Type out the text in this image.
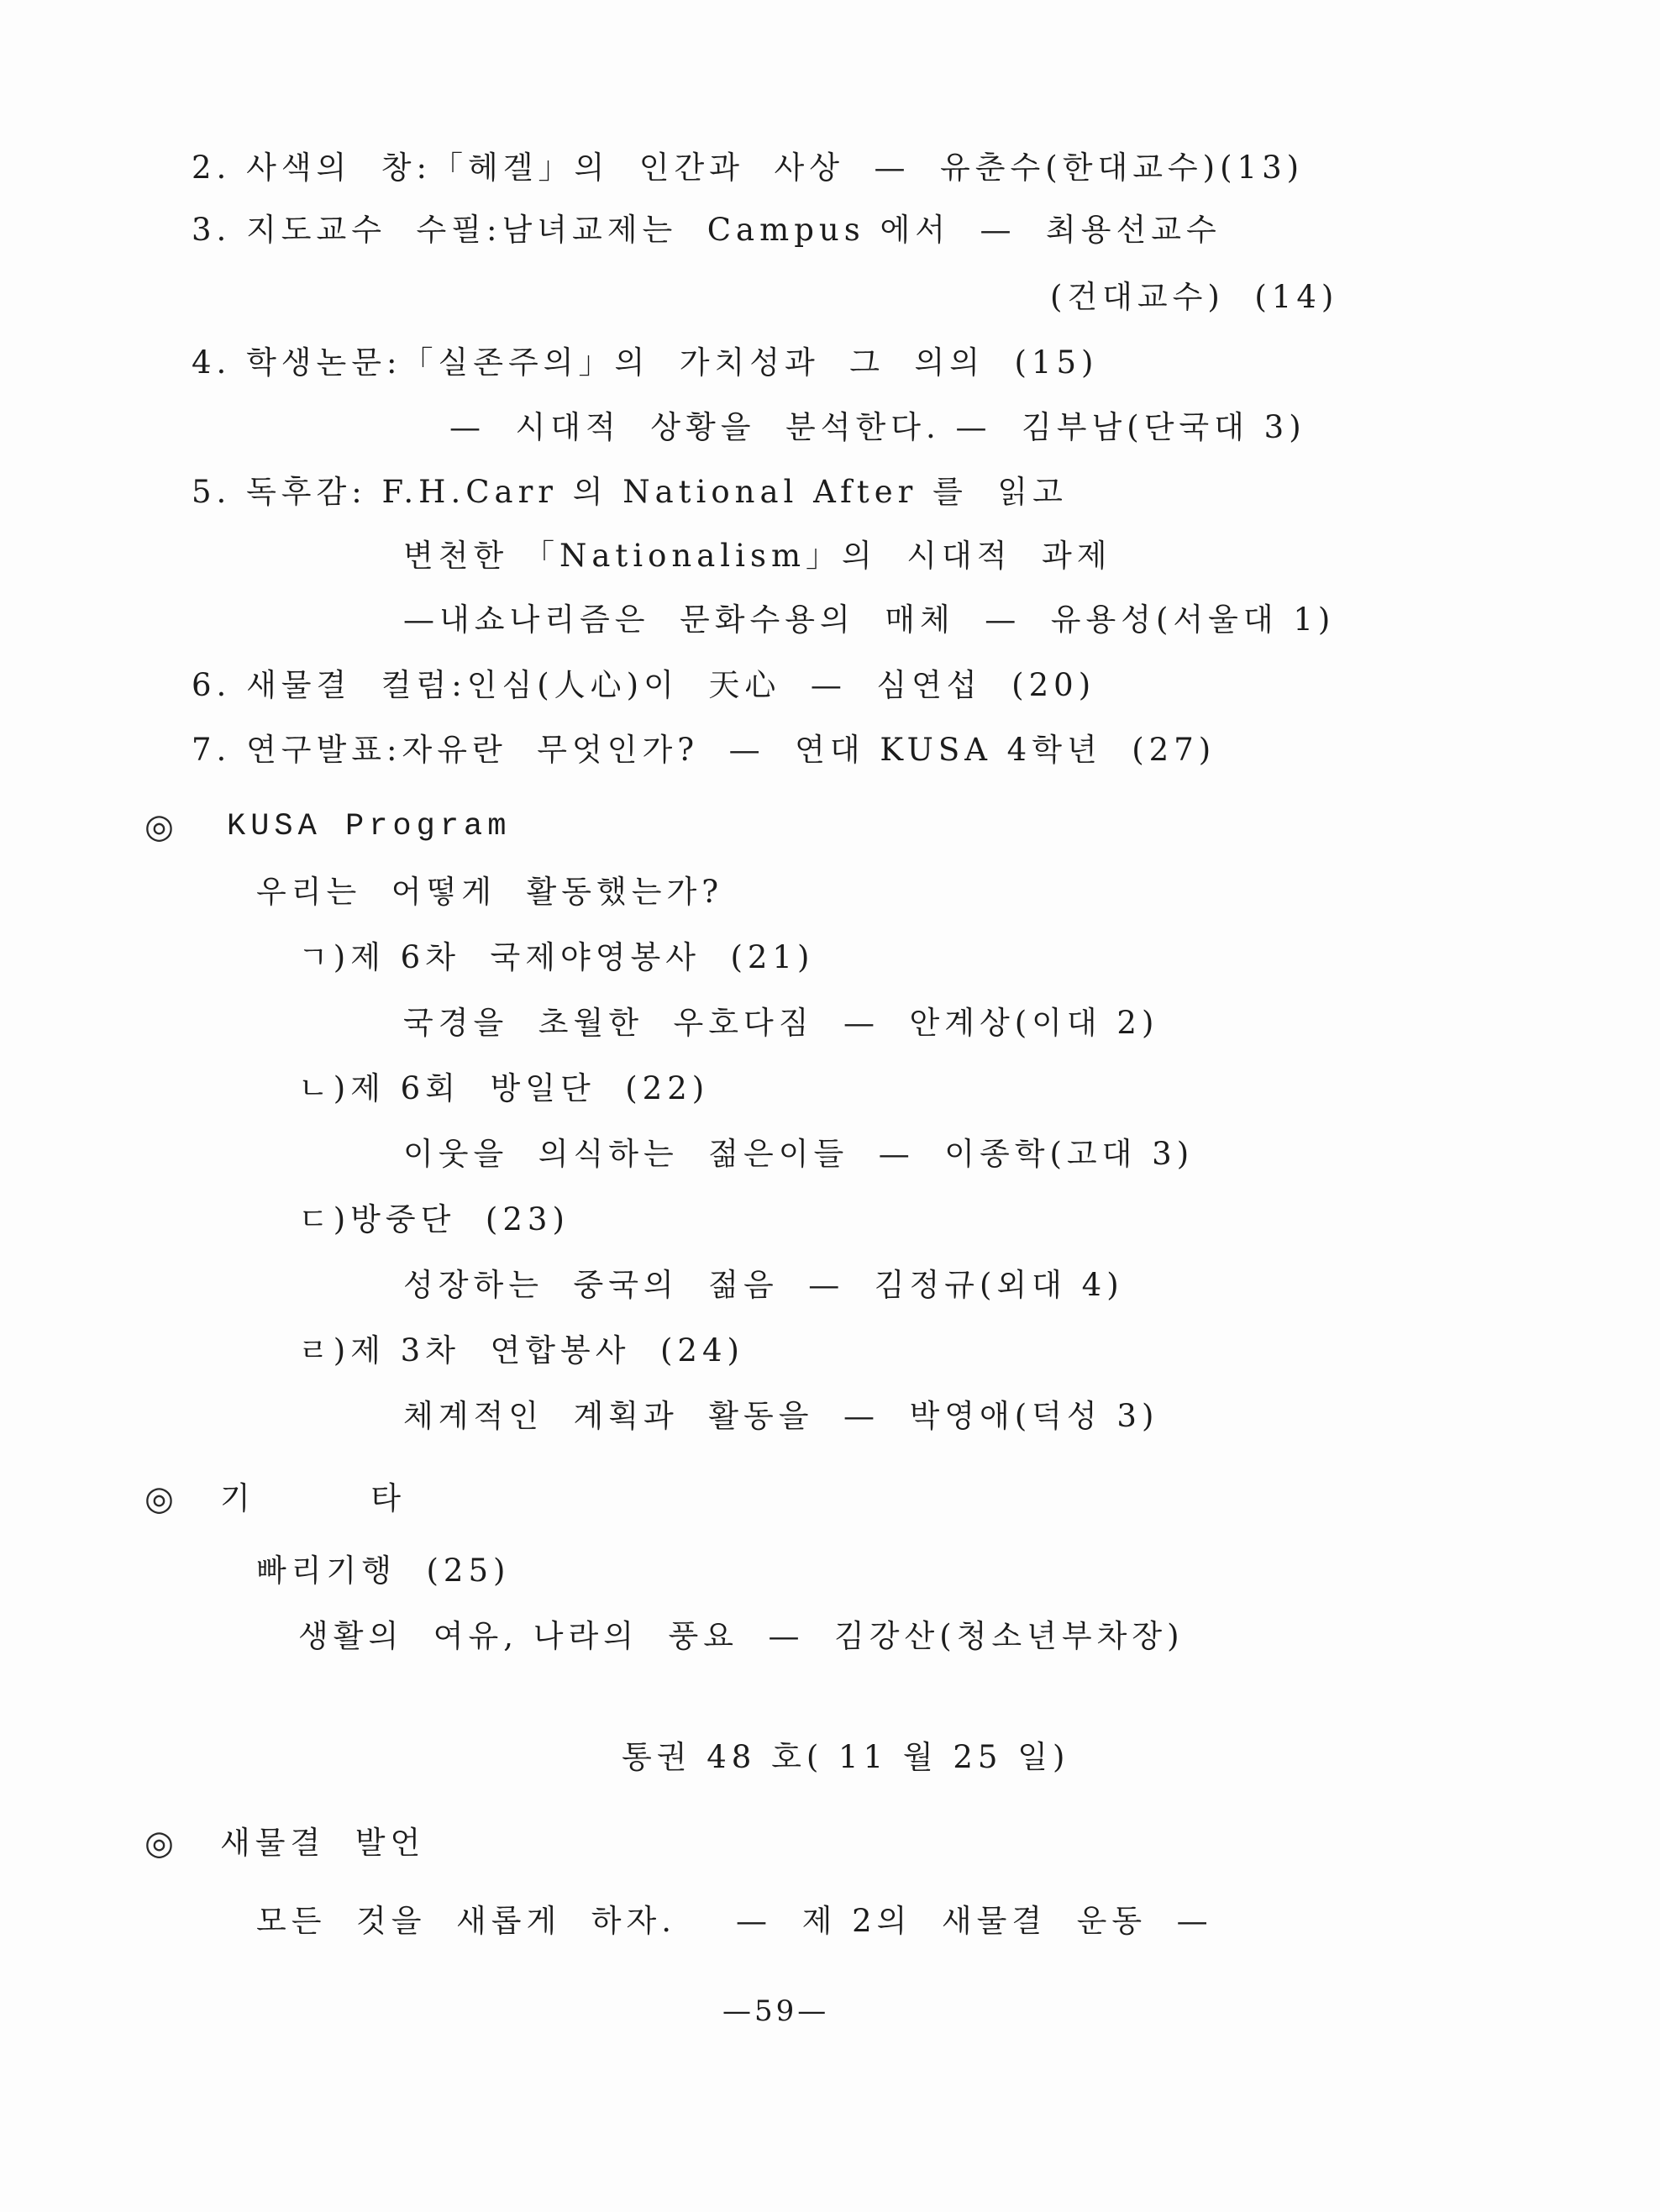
2. 사색의  창:「헤겔」의  인간과  사상  —  유춘수(한대교수)(13)
3. 지도교수  수필:남녀교제는  Campus 에서  —  최용선교수
(건대교수)  (14)
4. 학생논문:「실존주의」의  가치성과  그  의의  (15)
—  시대적  상황을  분석한다. —  김부남(단국대 3)
5. 독후감: F.H.Carr 의 National After 를  읽고
변천한 「Nationalism」의  시대적  과제
—내쇼나리즘은  문화수용의  매체  —  유용성(서울대 1)
6. 새물결  컬럼:인심(人心)이  天心  —  심연섭  (20)
7. 연구발표:자유란  무엇인가?  —  연대 KUSA 4학년  (27)
◎ KUSA Program
우리는  어떻게  활동했는가?
ㄱ)제 6차  국제야영봉사  (21)
국경을  초월한  우호다짐  —  안계상(이대 2)
ㄴ)제 6회  방일단  (22)
이웃을  의식하는  젊은이들  —  이종학(고대 3)
ㄷ)방중단  (23)
성장하는  중국의  젊음  —  김정규(외대 4)
ㄹ)제 3차  연합봉사  (24)
체계적인  계획과  활동을  —  박영애(덕성 3)
◎ 기  타
빠리기행  (25)
생활의  여유, 나라의  풍요  —  김강산(청소년부차장)
통권 48 호( 11 월 25 일)
◎ 새물결  발언
모든  것을  새롭게  하자.    —  제 2의  새물결  운동  —
—59—
